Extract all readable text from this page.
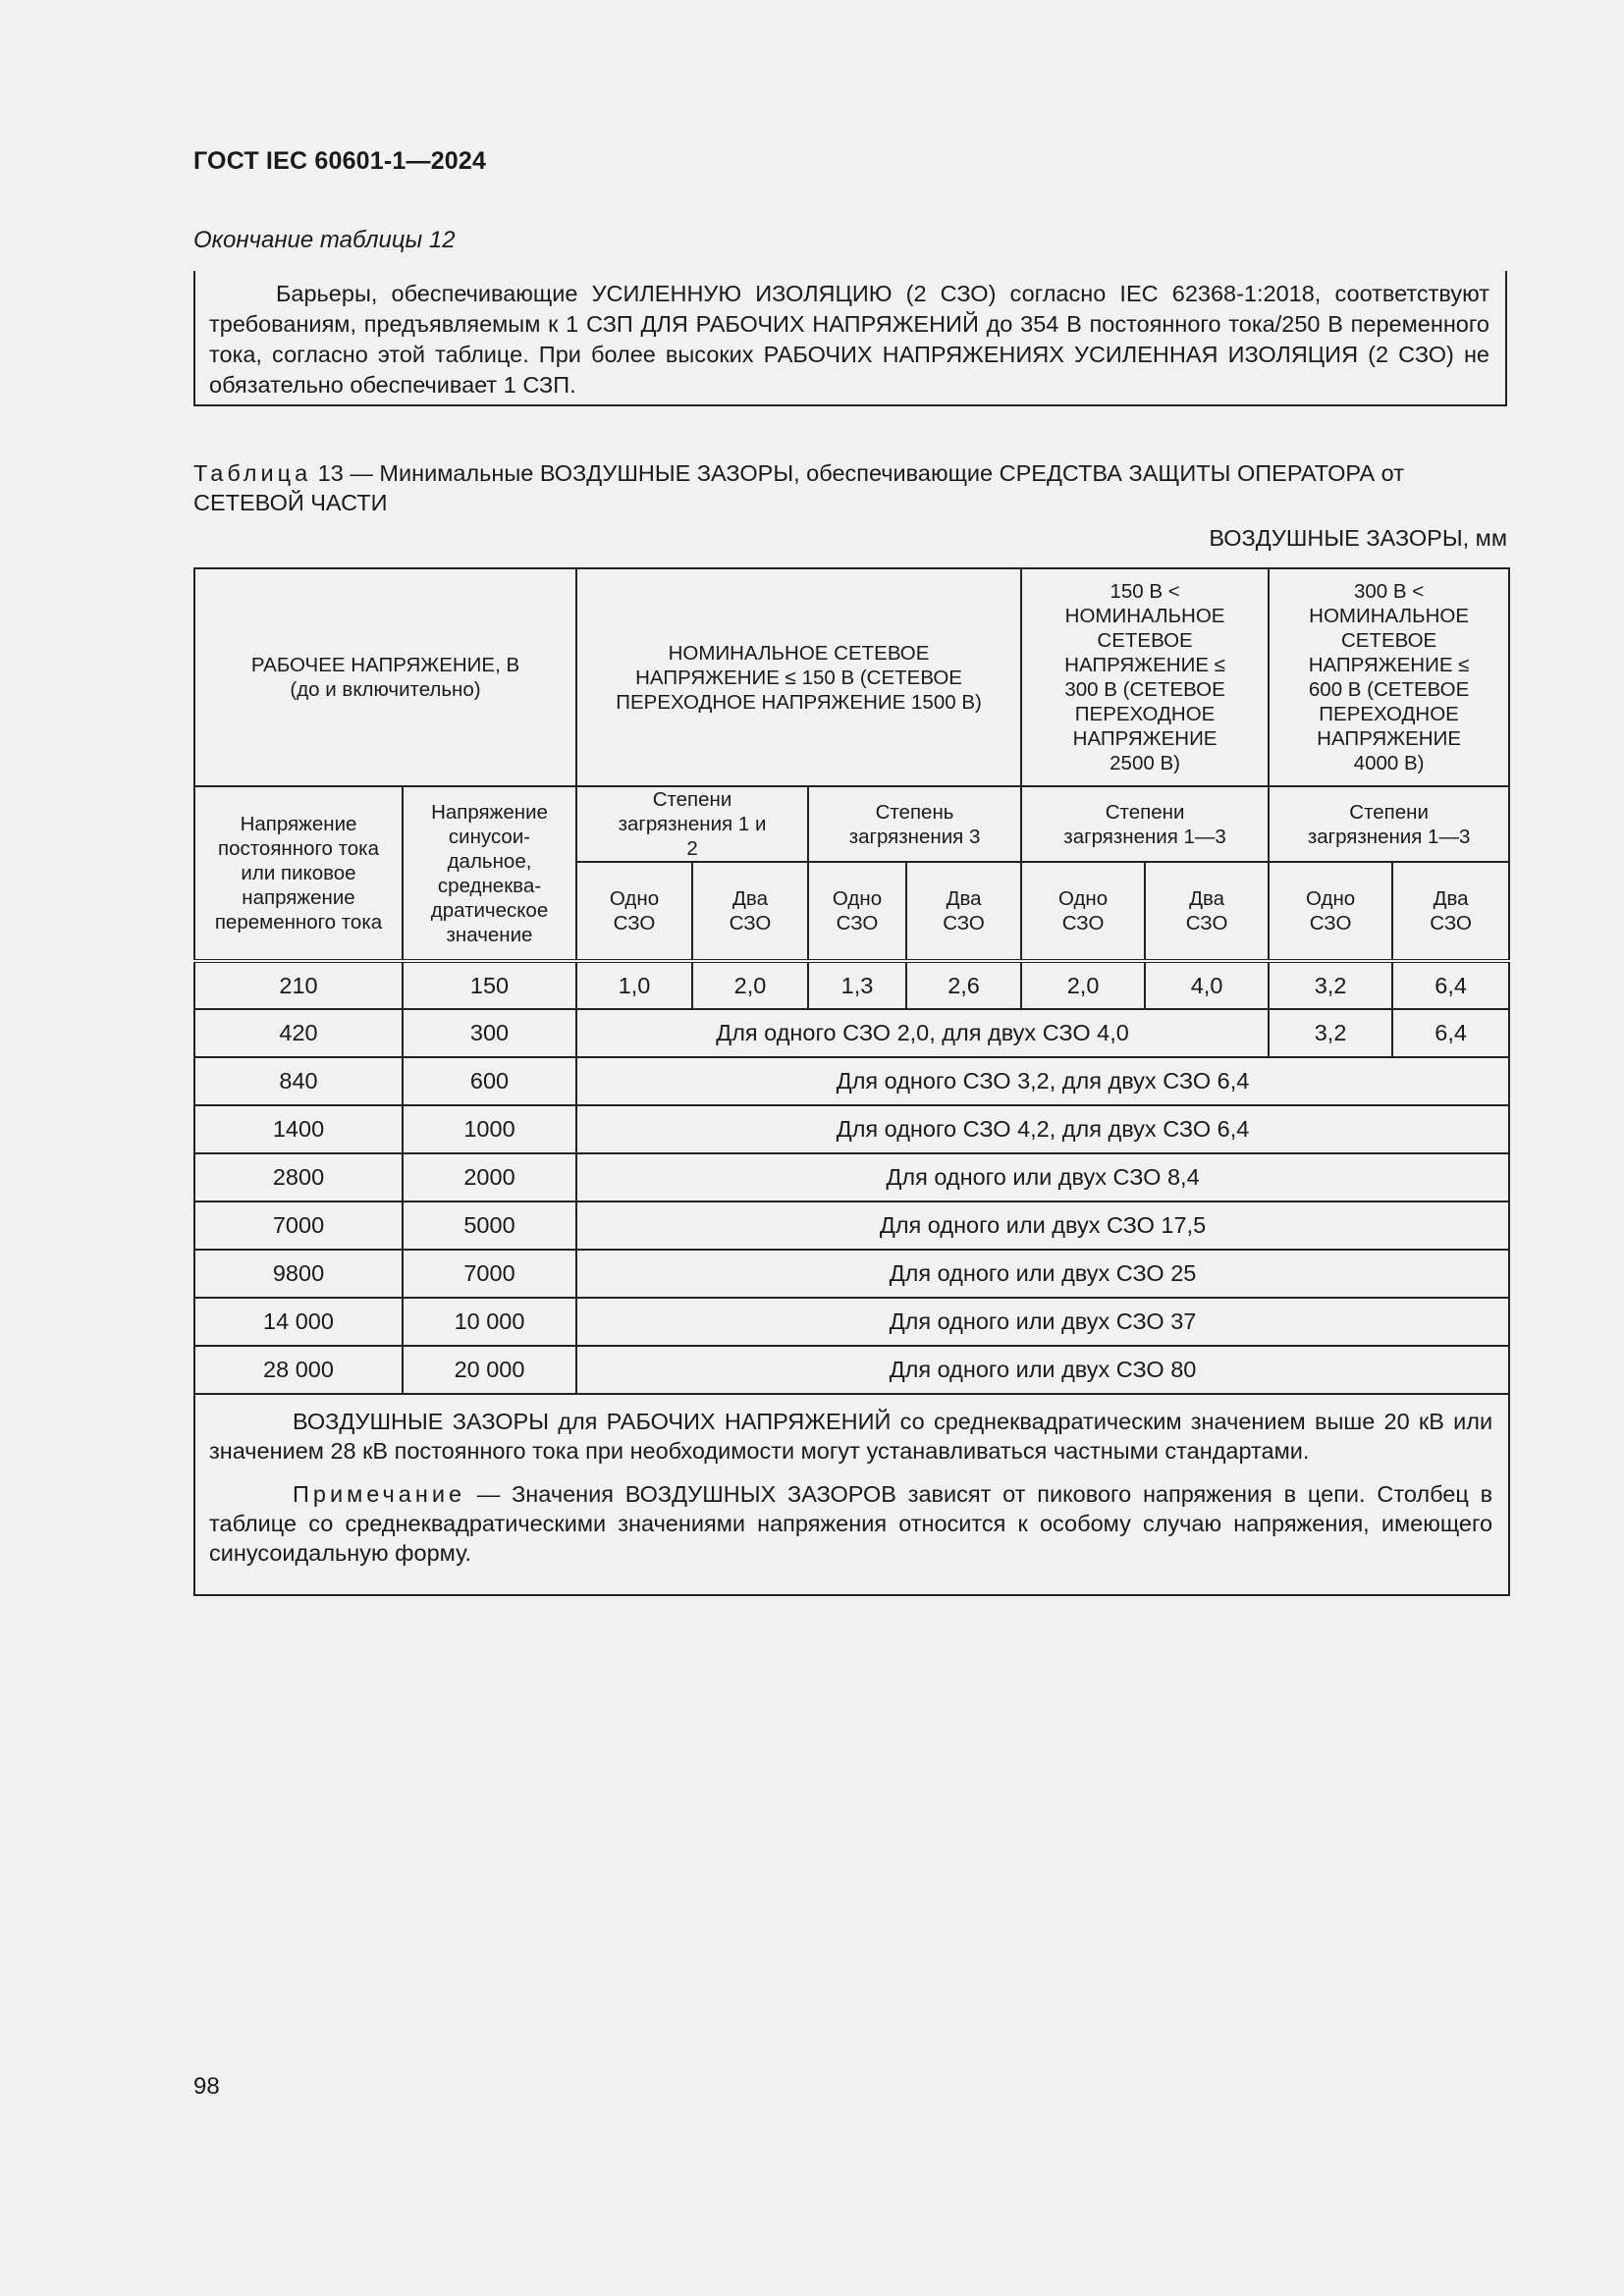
ГОСТ IEC 60601-1—2024
Окончание таблицы 12

Барьеры, обеспечивающие УСИЛЕННУЮ ИЗОЛЯЦИЮ (2 СЗО) согласно IEC 62368-1:2018, соответствуют требованиям, предъявляемым к 1 СЗП ДЛЯ РАБОЧИХ НАПРЯЖЕНИЙ до 354 В постоянного тока/250 В переменного тока, согласно этой таблице. При более высоких РАБОЧИХ НАПРЯЖЕНИЯХ УСИЛЕННАЯ ИЗОЛЯЦИЯ (2 СЗО) не обязательно обеспечивает 1 СЗП.

Таблица 13 — Минимальные ВОЗДУШНЫЕ ЗАЗОРЫ, обеспечивающие СРЕДСТВА ЗАЩИТЫ ОПЕРАТОРА от СЕТЕВОЙ ЧАСТИ
ВОЗДУШНЫЕ ЗАЗОРЫ, мм
РАБОЧЕЕ НАПРЯЖЕНИЕ, В (до и включительно)		НОМИНАЛЬНОЕ СЕТЕВОЕ НАПРЯЖЕНИЕ ≤ 150 В (СЕТЕВОЕ ПЕРЕХОДНОЕ НАПРЯЖЕНИЕ 1500 В)				150 В < НОМИНАЛЬНОЕ СЕТЕВОЕ НАПРЯЖЕНИЕ ≤ 300 В (СЕТЕВОЕ ПЕРЕХОДНОЕ НАПРЯЖЕНИЕ 2500 В)		300 В < НОМИНАЛЬНОЕ СЕТЕВОЕ НАПРЯЖЕНИЕ ≤ 600 В (СЕТЕВОЕ ПЕРЕХОДНОЕ НАПРЯЖЕНИЕ 4000 В)	
Напряжение постоянного тока или пиковое напряжение переменного тока	Напряжение синусои-дальное, среднеква-дратическое значение	Степени загрязнения 1 и 2		Степень загрязнения 3		Степени загрязнения 1—3		Степени загрязнения 1—3	
		Одно СЗО	Два СЗО	Одно СЗО	Два СЗО	Одно СЗО	Два СЗО	Одно СЗО	Два СЗО
210	150	1,0	2,0	1,3	2,6	2,0	4,0	3,2	6,4
420	300	Для одного СЗО 2,0, для двух СЗО 4,0						3,2	6,4
840	600	Для одного СЗО 3,2, для двух СЗО 6,4							
1400	1000	Для одного СЗО 4,2, для двух СЗО 6,4							
2800	2000	Для одного или двух СЗО 8,4							
7000	5000	Для одного или двух СЗО 17,5							
9800	7000	Для одного или двух СЗО 25							
14 000	10 000	Для одного или двух СЗО 37							
28 000	20 000	Для одного или двух СЗО 80							

ВОЗДУШНЫЕ ЗАЗОРЫ для РАБОЧИХ НАПРЯЖЕНИЙ со среднеквадратическим значением выше 20 кВ или значением 28 кВ постоянного тока при необходимости могут устанавливаться частными стандартами.

Примечание — Значения ВОЗДУШНЫХ ЗАЗОРОВ зависят от пикового напряжения в цепи. Столбец в таблице со среднеквадратическими значениями напряжения относится к особому случаю напряжения, имеющего синусоидальную форму.									

98
